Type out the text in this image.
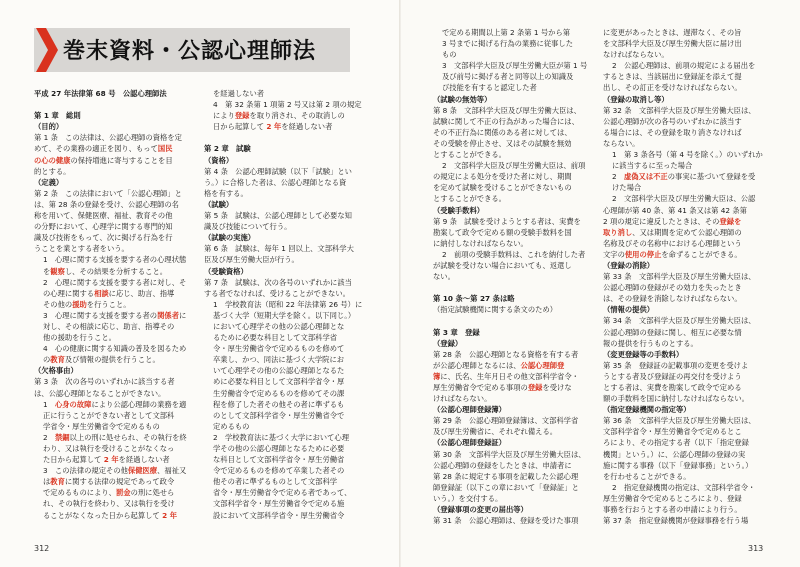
巻末資料・公認心理師法
平成 27 年法律第 68 号　公認心理師法
第 1 章　総則
（目的）
第 1 条　この法律は、公認心理師の資格を定
めて、その業務の適正を図り、もって国民
の心の健康の保持増進に寄与することを目
的とする。
（定義）
第 2 条　この法律において「公認心理師」と
は、第 28 条の登録を受け、公認心理師の名
称を用いて、保健医療、福祉、教育その他
の分野において、心理学に関する専門的知
識及び技術をもって、次に掲げる行為を行
うことを業とする者をいう。
1　心理に関する支援を要する者の心理状態
を観察し、その結果を分析すること。
2　心理に関する支援を要する者に対し、そ
の心理に関する相談に応じ、助言、指導
その他の援助を行うこと。
3　心理に関する支援を要する者の関係者に
対し、その相談に応じ、助言、指導その
他の援助を行うこと。
4　心の健康に関する知識の普及を図るため
の教育及び情報の提供を行うこと。
（欠格事由）
第 3 条　次の各号のいずれかに該当する者
は、公認心理師となることができない。
1　心身の故障により公認心理師の業務を適
正に行うことができない者として文部科
学省令・厚生労働省令で定めるもの
2　禁錮以上の刑に処せられ、その執行を終
わり、又は執行を受けることがなくなっ
た日から起算して 2 年を経過しない者
3　この法律の規定その他保健医療、福祉又
は教育に関する法律の規定であって政令
で定めるものにより、罰金の刑に処せら
れ、その執行を終わり、又は執行を受け
ることがなくなった日から起算して 2 年
を経過しない者
4　第 32 条第 1 項第 2 号又は第 2 項の規定
により登録を取り消され、その取消しの
日から起算して 2 年を経過しない者
第 2 章　試験
（資格）
第 4 条　公認心理師試験（以下「試験」とい
う。）に合格した者は、公認心理師となる資
格を有する。
（試験）
第 5 条　試験は、公認心理師として必要な知
識及び技能について行う。
（試験の実施）
第 6 条　試験は、毎年 1 回以上、文部科学大
臣及び厚生労働大臣が行う。
（受験資格）
第 7 条　試験は、次の各号のいずれかに該当
する者でなければ、受けることができない。
1　学校教育法（昭和 22 年法律第 26 号）に
基づく大学（短期大学を除く。以下同じ。）
において心理学その他の公認心理師とな
るために必要な科目として文部科学省
令・厚生労働省令で定めるものを修めて
卒業し、かつ、同法に基づく大学院にお
いて心理学その他の公認心理師となるた
めに必要な科目として文部科学省令・厚
生労働省令で定めるものを修めてその課
程を修了した者その他その者に準ずるも
のとして文部科学省令・厚生労働省令で
定めるもの
2　学校教育法に基づく大学において心理
学その他の公認心理師となるために必要
な科目として文部科学省令・厚生労働省
令で定めるものを修めて卒業した者その
他その者に準ずるものとして文部科学
省令・厚生労働省令で定める者であって、
文部科学省令・厚生労働省令で定める施
設において文部科学省令・厚生労働省令
で定める期間以上第 2 条第 1 号から第
3 号までに掲げる行為の業務に従事した
もの
3　文部科学大臣及び厚生労働大臣が第 1 号
及び前号に掲げる者と同等以上の知識及
び技能を有すると認定した者
（試験の無効等）
第 8 条　文部科学大臣及び厚生労働大臣は、
試験に関して不正の行為があった場合には、
その不正行為に関係のある者に対しては、
その受験を停止させ、又はその試験を無効
とすることができる。
2　文部科学大臣及び厚生労働大臣は、前項
の規定による処分を受けた者に対し、期間
を定めて試験を受けることができないもの
とすることができる。
（受験手数料）
第 9 条　試験を受けようとする者は、実費を
勘案して政令で定める額の受験手数料を国
に納付しなければならない。
2　前項の受験手数料は、これを納付した者
が試験を受けない場合においても、返還し
ない。
第 10 条～第 27 条は略
（指定試験機関に関する条文のため）
第 3 章　登録
（登録）
第 28 条　公認心理師となる資格を有する者
が公認心理師となるには、公認心理師登
簿に、氏名、生年月日その他文部科学省令・
厚生労働省令で定める事項の登録を受けな
ければならない。
（公認心理師登録簿）
第 29 条　公認心理師登録簿は、文部科学省
及び厚生労働省に、それぞれ備える。
（公認心理師登録証）
第 30 条　文部科学大臣及び厚生労働大臣は、
公認心理師の登録をしたときは、申請者に
第 28 条に規定する事項を記載した公認心理
師登録証（以下この章において「登録証」と
いう。）を交付する。
（登録事項の変更の届出等）
第 31 条　公認心理師は、登録を受けた事項
に変更があったときは、遅滞なく、その旨
を文部科学大臣及び厚生労働大臣に届け出
なければならない。
2　公認心理師は、前項の規定による届出を
するときは、当該届出に登録証を添えて提
出し、その訂正を受けなければならない。
（登録の取消し等）
第 32 条　文部科学大臣及び厚生労働大臣は、
公認心理師が次の各号のいずれかに該当す
る場合には、その登録を取り消さなければ
ならない。
1　第 3 条各号（第 4 号を除く。）のいずれか
に該当するに至った場合
2　虚偽又は不正の事実に基づいて登録を受
けた場合
2　文部科学大臣及び厚生労働大臣は、公認
心理師が第 40 条、第 41 条又は第 42 条第
2 項の規定に違反したときは、その登録を
取り消し、又は期間を定めて公認心理師の
名称及びその名称中における心理師という
文字の使用の停止を命ずることができる。
（登録の消除）
第 33 条　文部科学大臣及び厚生労働大臣は、
公認心理師の登録がその効力を失ったとき
は、その登録を消除しなければならない。
（情報の提供）
第 34 条　文部科学大臣及び厚生労働大臣は、
公認心理師の登録に関し、相互に必要な情
報の提供を行うものとする。
（変更登録等の手数料）
第 35 条　登録証の記載事項の変更を受けよ
うとする者及び登録証の再交付を受けよう
とする者は、実費を勘案して政令で定める
額の手数料を国に納付しなければならない。
（指定登録機関の指定等）
第 36 条　文部科学大臣及び厚生労働大臣は、
文部科学省令・厚生労働省令で定めるとこ
ろにより、その指定する者（以下「指定登録
機関」という。）に、公認心理師の登録の実
施に関する事務（以下「登録事務」という。）
を行わせることができる。
2　指定登録機関の指定は、文部科学省令・
厚生労働省令で定めるところにより、登録
事務を行おうとする者の申請により行う。
第 37 条　指定登録機関が登録事務を行う場
312	313
